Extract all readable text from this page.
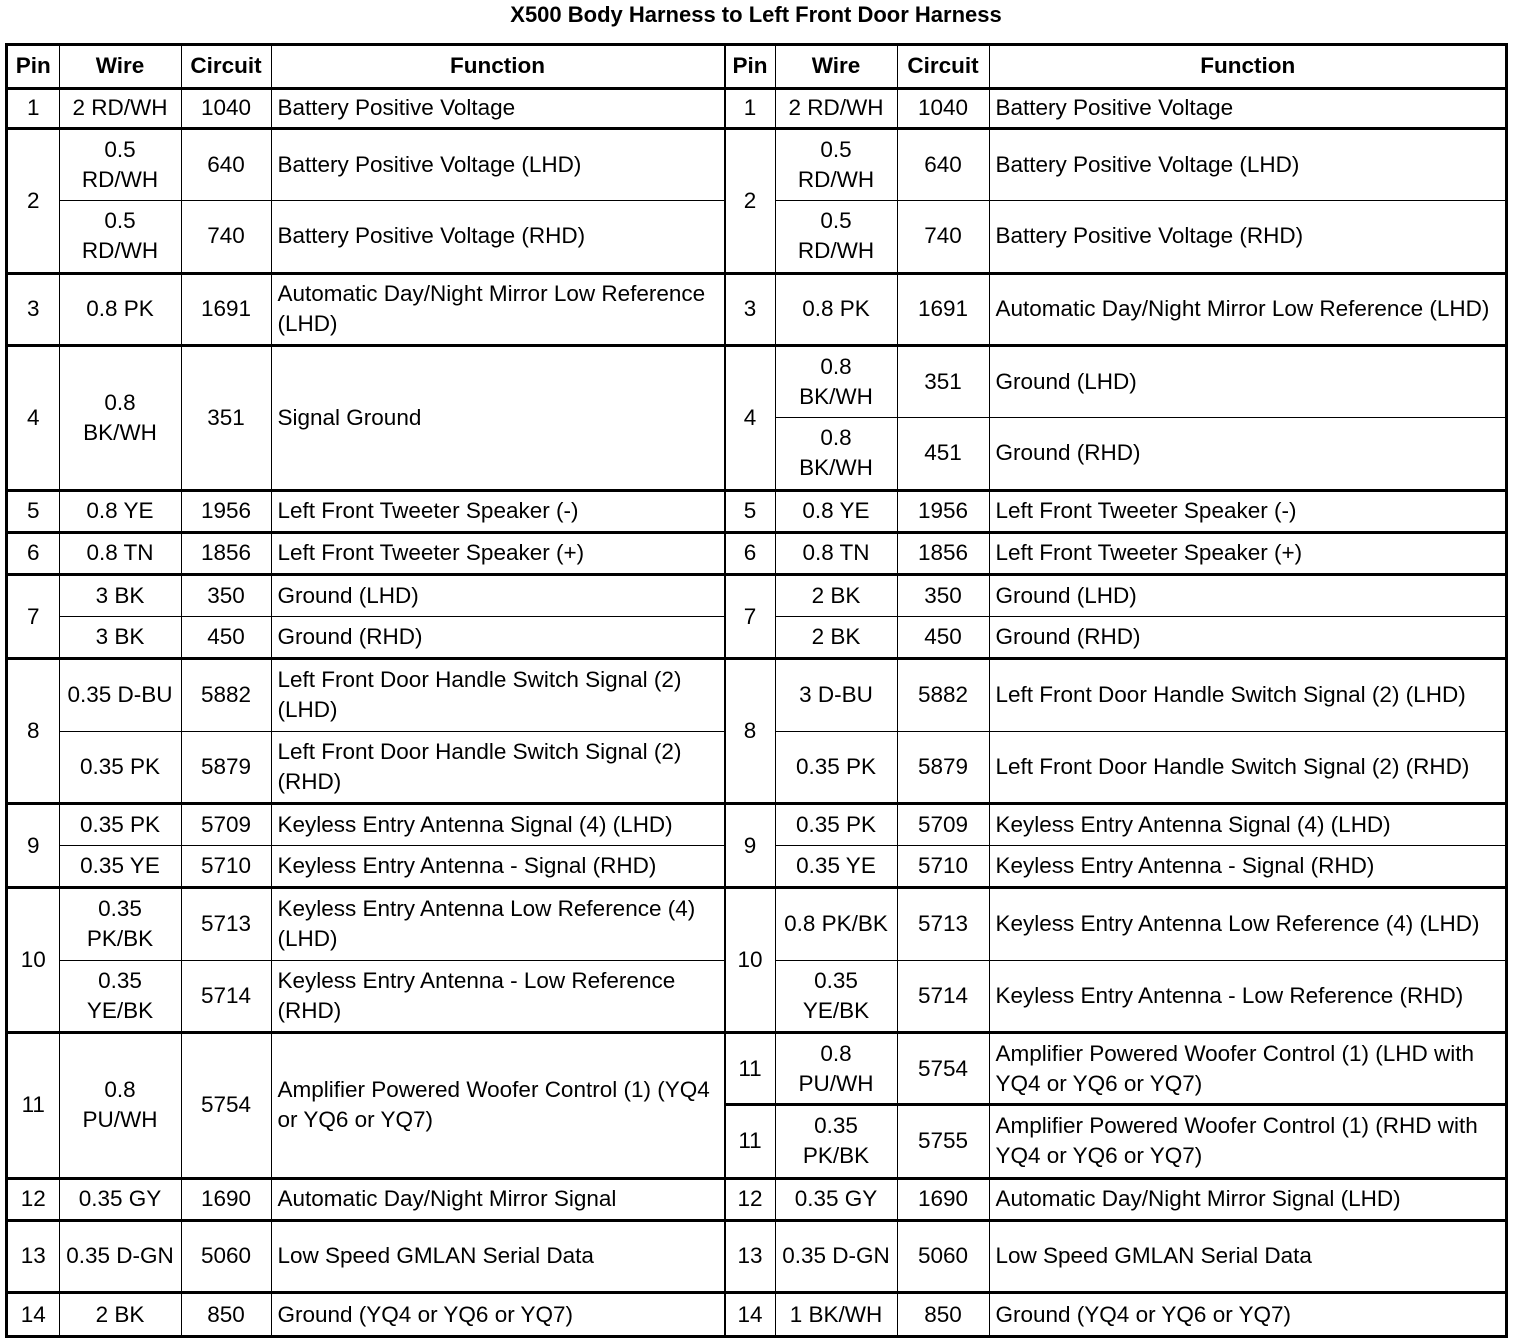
X500 Body Harness to Left Front Door Harness
Pin	Wire	Circuit	Function
1	2 RD/WH	1040	Battery Positive Voltage
2	0.5 RD/WH	640	Battery Positive Voltage (LHD)
	0.5 RD/WH	740	Battery Positive Voltage (RHD)
3	0.8 PK	1691	Automatic Day/Night Mirror Low Reference (LHD)
4	0.8 BK/WH	351	Signal Ground
5	0.8 YE	1956	Left Front Tweeter Speaker (-)
6	0.8 TN	1856	Left Front Tweeter Speaker (+)
7	3 BK	350	Ground (LHD)
	3 BK	450	Ground (RHD)
8	0.35 D-BU	5882	Left Front Door Handle Switch Signal (2) (LHD)
	0.35 PK	5879	Left Front Door Handle Switch Signal (2) (RHD)
9	0.35 PK	5709	Keyless Entry Antenna Signal (4) (LHD)
	0.35 YE	5710	Keyless Entry Antenna - Signal (RHD)
10	0.35 PK/BK	5713	Keyless Entry Antenna Low Reference (4) (LHD)
	0.35 YE/BK	5714	Keyless Entry Antenna - Low Reference (RHD)
11	0.8 PU/WH	5754	Amplifier Powered Woofer Control (1) (YQ4 or YQ6 or YQ7)
12	0.35 GY	1690	Automatic Day/Night Mirror Signal
13	0.35 D-GN	5060	Low Speed GMLAN Serial Data
14	2 BK	850	Ground (YQ4 or YQ6 or YQ7)
Pin	Wire	Circuit	Function
1	2 RD/WH	1040	Battery Positive Voltage
2	0.5 RD/WH	640	Battery Positive Voltage (LHD)
	0.5 RD/WH	740	Battery Positive Voltage (RHD)
3	0.8 PK	1691	Automatic Day/Night Mirror Low Reference (LHD)
4	0.8 BK/WH	351	Ground (LHD)
	0.8 BK/WH	451	Ground (RHD)
5	0.8 YE	1956	Left Front Tweeter Speaker (-)
6	0.8 TN	1856	Left Front Tweeter Speaker (+)
7	2 BK	350	Ground (LHD)
	2 BK	450	Ground (RHD)
8	3 D-BU	5882	Left Front Door Handle Switch Signal (2) (LHD)
	0.35 PK	5879	Left Front Door Handle Switch Signal (2) (RHD)
9	0.35 PK	5709	Keyless Entry Antenna Signal (4) (LHD)
	0.35 YE	5710	Keyless Entry Antenna - Signal (RHD)
10	0.8 PK/BK	5713	Keyless Entry Antenna Low Reference (4) (LHD)
	0.35 YE/BK	5714	Keyless Entry Antenna - Low Reference (RHD)
11	0.8 PU/WH	5754	Amplifier Powered Woofer Control (1) (LHD with YQ4 or YQ6 or YQ7)
11	0.35 PK/BK	5755	Amplifier Powered Woofer Control (1) (RHD with YQ4 or YQ6 or YQ7)
12	0.35 GY	1690	Automatic Day/Night Mirror Signal (LHD)
13	0.35 D-GN	5060	Low Speed GMLAN Serial Data
14	1 BK/WH	850	Ground (YQ4 or YQ6 or YQ7)
